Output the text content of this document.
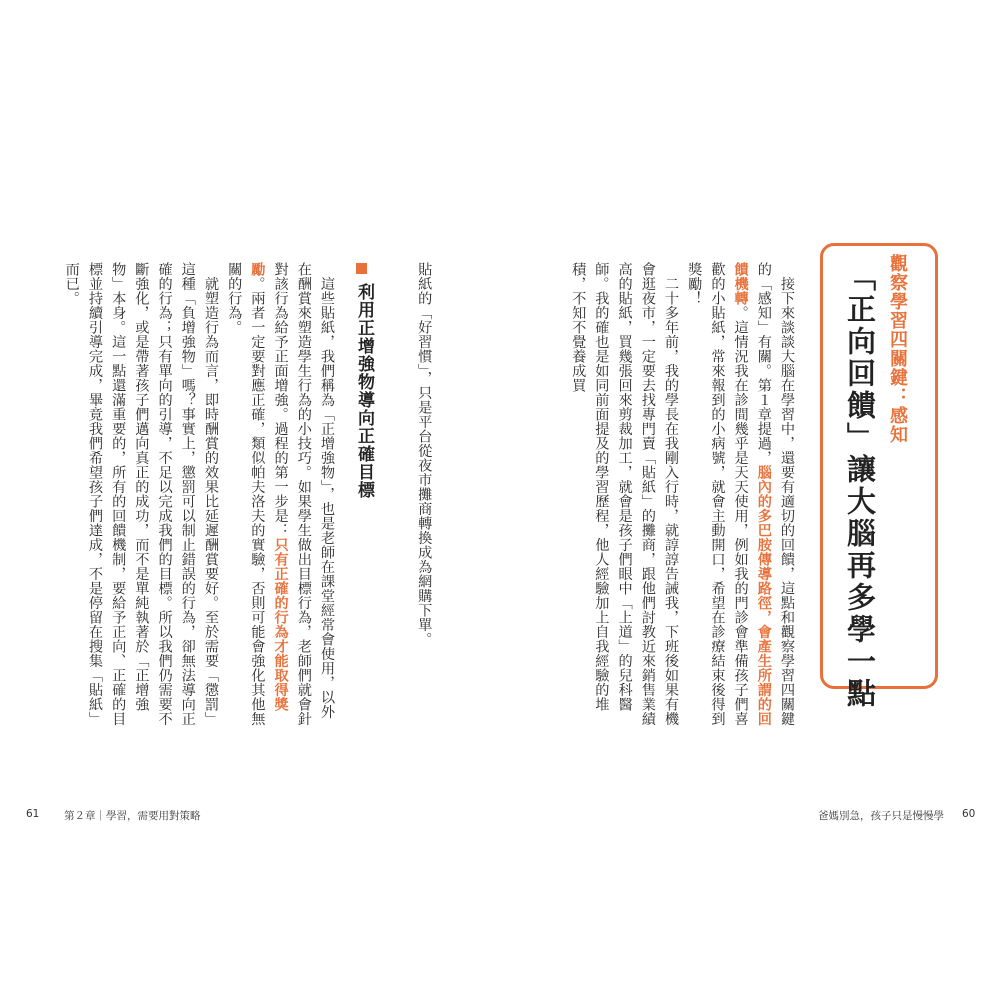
觀察學習四關鍵：感知
「正向回饋」讓大腦再多學一點
　接下來談談大腦在學習中，還要有適切的回饋，這點和觀察學習四關鍵的「感知」有關。第１章提過，腦內的多巴胺傳導路徑，會產生所謂的回饋機轉。這情況我在診間幾乎是天天使用，例如我的門診會準備孩子們喜歡的小貼紙，常來報到的小病號，就會主動開口，希望在診療結束後得到獎勵！
　二十多年前，我的學長在我剛入行時，就諄諄告誡我，下班後如果有機會逛夜市，一定要去找專門賣「貼紙」的攤商，跟他們討教近來銷售業績高的貼紙，買幾張回來剪裁加工，就會是孩子們眼中「上道」的兒科醫師。我的確也是如同前面提及的學習歷程，他人經驗加上自我經驗的堆積，不知不覺養成買
爸媽別急，孩子只是慢慢學 60
貼紙的「好習慣」，只是平台從夜市攤商轉換成為網購下單。
利用正增強物導向正確目標
　這些貼紙，我們稱為「正增強物」，也是老師在課堂經常會使用，以外在酬賞來塑造學生行為的小技巧。如果學生做出目標行為，老師們就會針對該行為給予正面增強。過程的第一步是：只有正確的行為才能取得獎勵。兩者一定要對應正確，類似帕夫洛夫的實驗，否則可能會強化其他無關的行為。
　就塑造行為而言，即時酬賞的效果比延遲酬賞要好。至於需要「懲罰」這種「負增強物」嗎？事實上，懲罰可以制止錯誤的行為，卻無法導向正確的行為；只有單向的引導，不足以完成我們的目標。所以我們仍需要不斷強化，或是帶著孩子們邁向真正的成功，而不是單純執著於「正增強物」本身。這一點還滿重要的，所有的回饋機制，要給予正向、正確的目標並持續引導完成，畢竟我們希望孩子們達成，不是停留在搜集「貼紙」而已。
61 第２章｜學習，需要用對策略
